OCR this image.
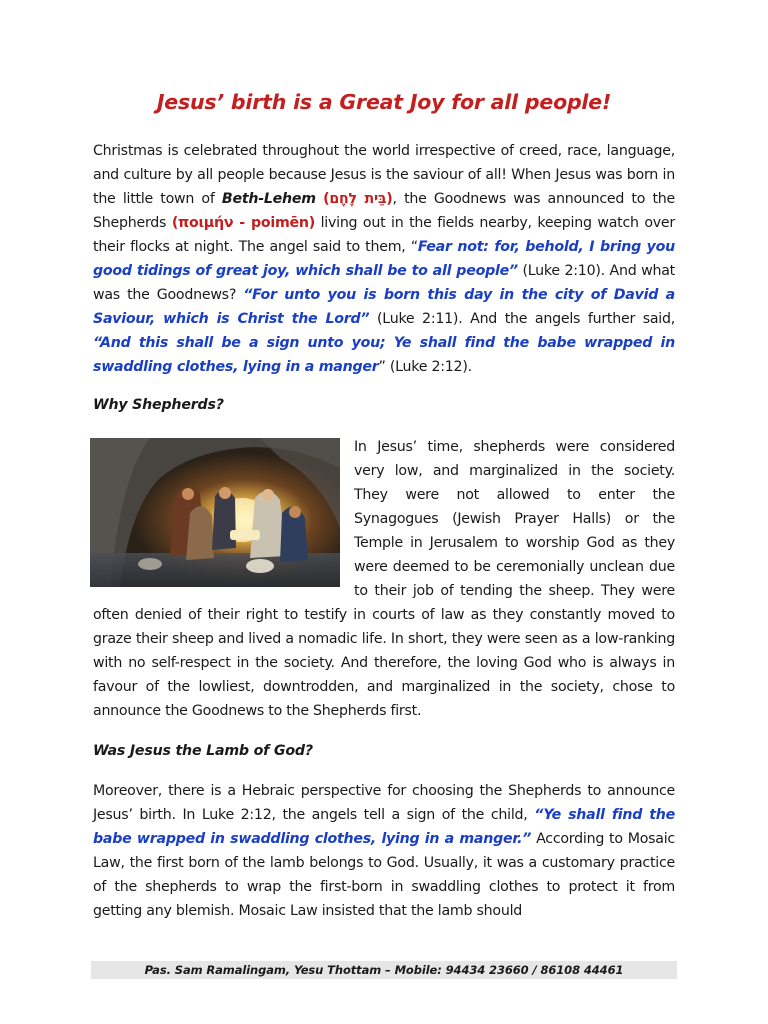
Jesus’ birth is a Great Joy for all people!

Christmas is celebrated throughout the world irrespective of creed, race, language, and culture by all people because Jesus is the saviour of all! When Jesus was born in the little town of Beth-Lehem (בֵּית לֶחֶם), the Goodnews was announced to the Shepherds (ποιμήν - poimēn) living out in the fields nearby, keeping watch over their flocks at night. The angel said to them, “Fear not: for, behold, I bring you good tidings of great joy, which shall be to all people” (Luke 2:10). And what was the Goodnews? “For unto you is born this day in the city of David a Saviour, which is Christ the Lord” (Luke 2:11). And the angels further said, “And this shall be a sign unto you; Ye shall find the babe wrapped in swaddling clothes, lying in a manger” (Luke 2:12).

Why Shepherds?
In Jesus’ time, shepherds were considered very low, and marginalized in the society. They were not allowed to enter the Synagogues (Jewish Prayer Halls) or the Temple in Jerusalem to worship God as they were deemed to be ceremonially unclean due to their job of tending the sheep. They were often denied of their right to testify in courts of law as they constantly moved to graze their sheep and lived a nomadic life. In short, they were seen as a low-ranking with no self-respect in the society. And therefore, the loving God who is always in favour of the lowliest, downtrodden, and marginalized in the society, chose to announce the Goodnews to the Shepherds first.
Was Jesus the Lamb of God?

Moreover, there is a Hebraic perspective for choosing the Shepherds to announce Jesus’ birth. In Luke 2:12, the angels tell a sign of the child, “Ye shall find the babe wrapped in swaddling clothes, lying in a manger.” According to Mosaic Law, the first born of the lamb belongs to God. Usually, it was a customary practice of the shepherds to wrap the first-born in swaddling clothes to protect it from getting any blemish. Mosaic Law insisted that the lamb should

Pas. Sam Ramalingam, Yesu Thottam – Mobile: 94434 23660 / 86108 44461
